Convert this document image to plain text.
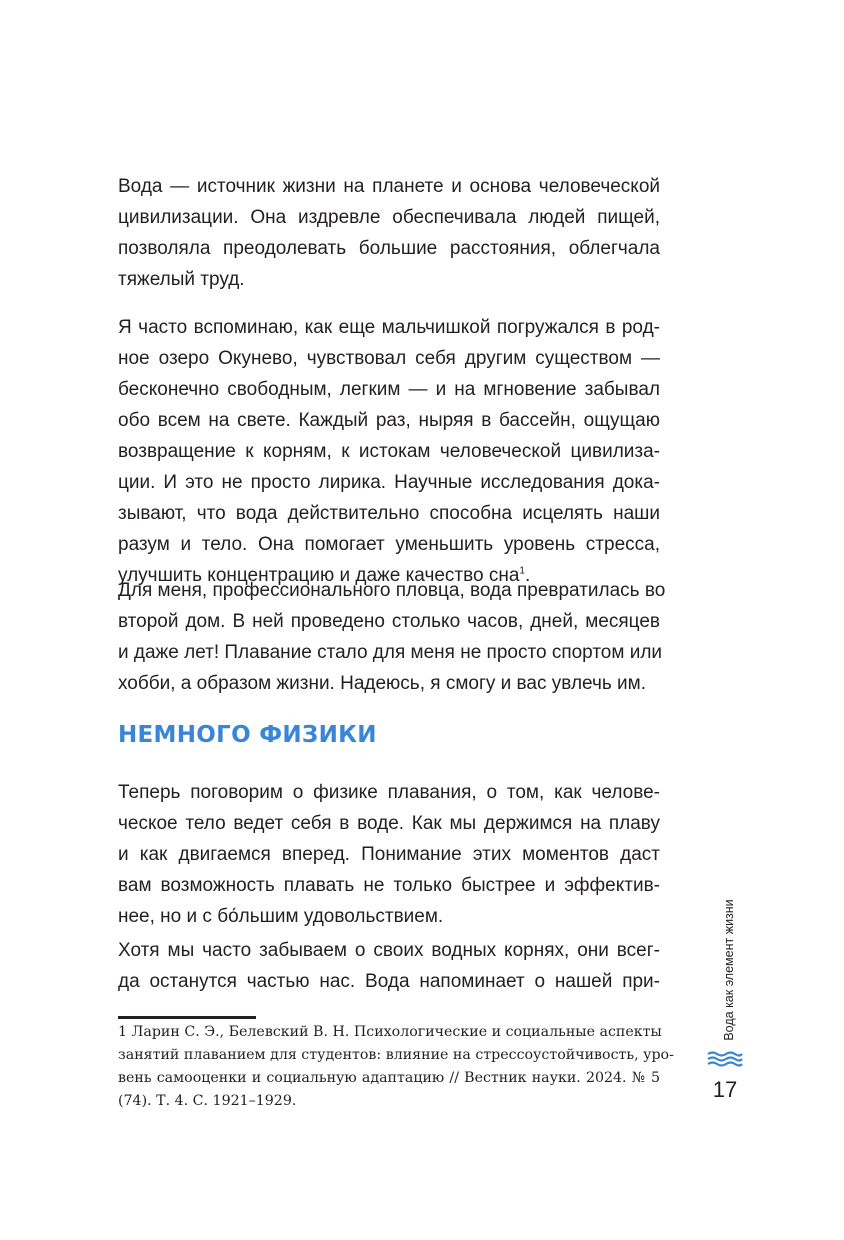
Вода — источник жизни на планете и основа человеческой
цивилизации. Она издревле обеспечивала людей пищей,
позволяла преодолевать большие расстояния, облегчала
тяжелый труд.
Я часто вспоминаю, как еще мальчишкой погружался в род-
ное озеро Окунево, чувствовал себя другим существом —
бесконечно свободным, легким — и на мгновение забывал
обо всем на свете. Каждый раз, ныряя в бассейн, ощущаю
возвращение к корням, к истокам человеческой цивилиза-
ции. И это не просто лирика. Научные исследования дока-
зывают, что вода действительно способна исцелять наши
разум и тело. Она помогает уменьшить уровень стресса,
улучшить концентрацию и даже качество сна$^1$.
Для меня, профессионального пловца, вода превратилась во
второй дом. В ней проведено столько часов, дней, месяцев
и даже лет! Плавание стало для меня не просто спортом или
хобби, а образом жизни. Надеюсь, я смогу и вас увлечь им.
НЕМНОГО ФИЗИКИ
Теперь поговорим о физике плавания, о том, как челове-
ческое тело ведет себя в воде. Как мы держимся на плаву
и как двигаемся вперед. Понимание этих моментов даст
вам возможность плавать не только быстрее и эффектив-
нее, но и с бо́льшим удовольствием.
Хотя мы часто забываем о своих водных корнях, они всег-
да останутся частью нас. Вода напоминает о нашей при-
1 Ларин С. Э., Белевский В. Н. Психологические и социальные аспекты
занятий плаванием для студентов: влияние на стрессоустойчивость, уро-
вень самооценки и социальную адаптацию // Вестник науки. 2024. № 5
(74). Т. 4. С. 1921–1929.
Вода как элемент жизни
17
